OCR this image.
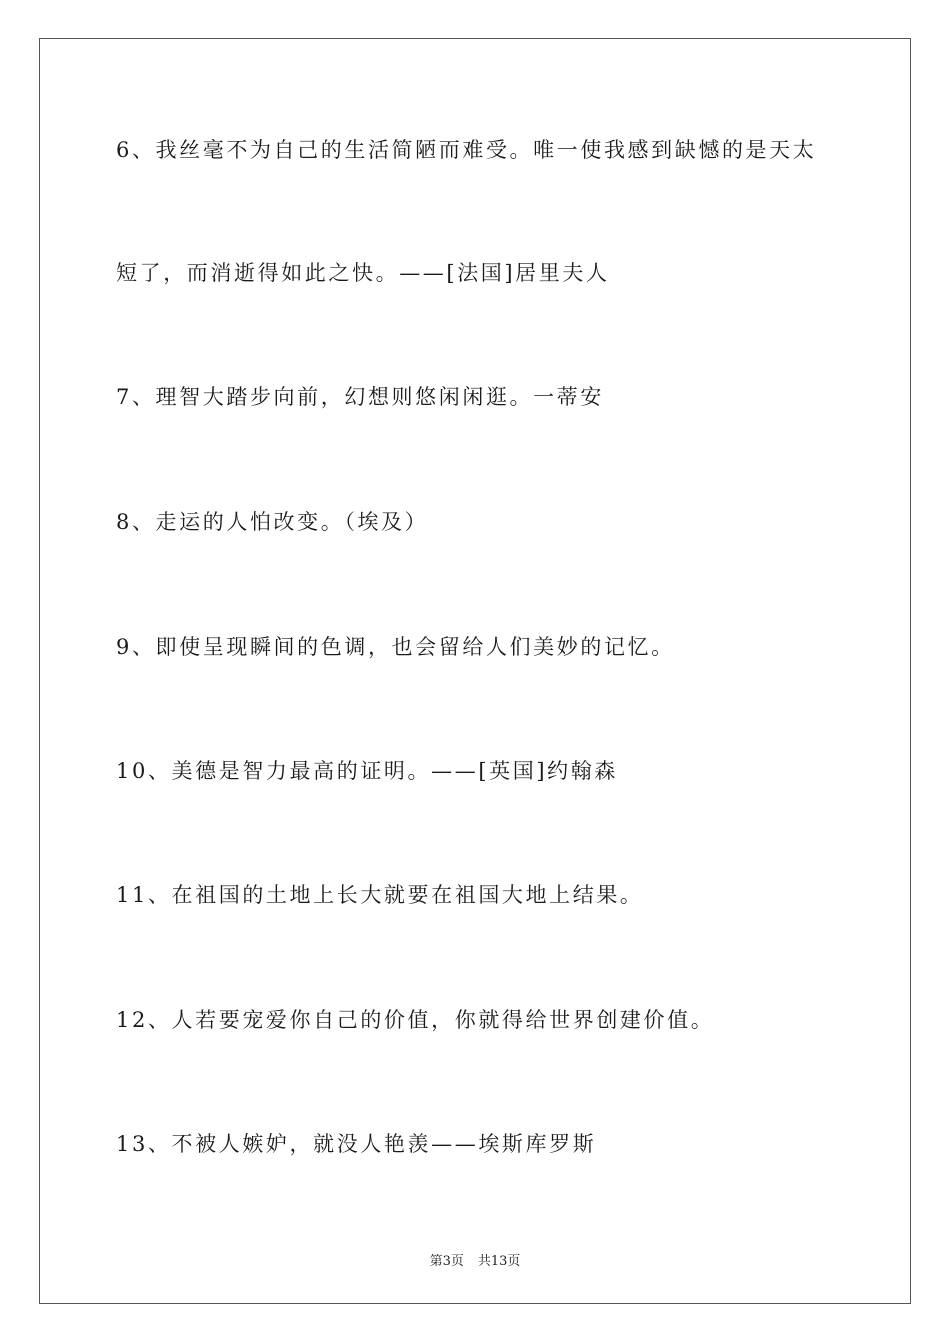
6、我丝毫不为自己的生活简陋而难受。唯一使我感到缺憾的是天太
短了，而消逝得如此之快。——[法国]居里夫人
7、理智大踏步向前，幻想则悠闲闲逛。一蒂安
8、走运的人怕改变。（埃及）
9、即使呈现瞬间的色调，也会留给人们美妙的记忆。
10、美德是智力最高的证明。——[英国]约翰森
11、在祖国的土地上长大就要在祖国大地上结果。
12、人若要宠爱你自己的价值，你就得给世界创建价值。
13、不被人嫉妒，就没人艳羡——埃斯库罗斯
第3页 共13页
